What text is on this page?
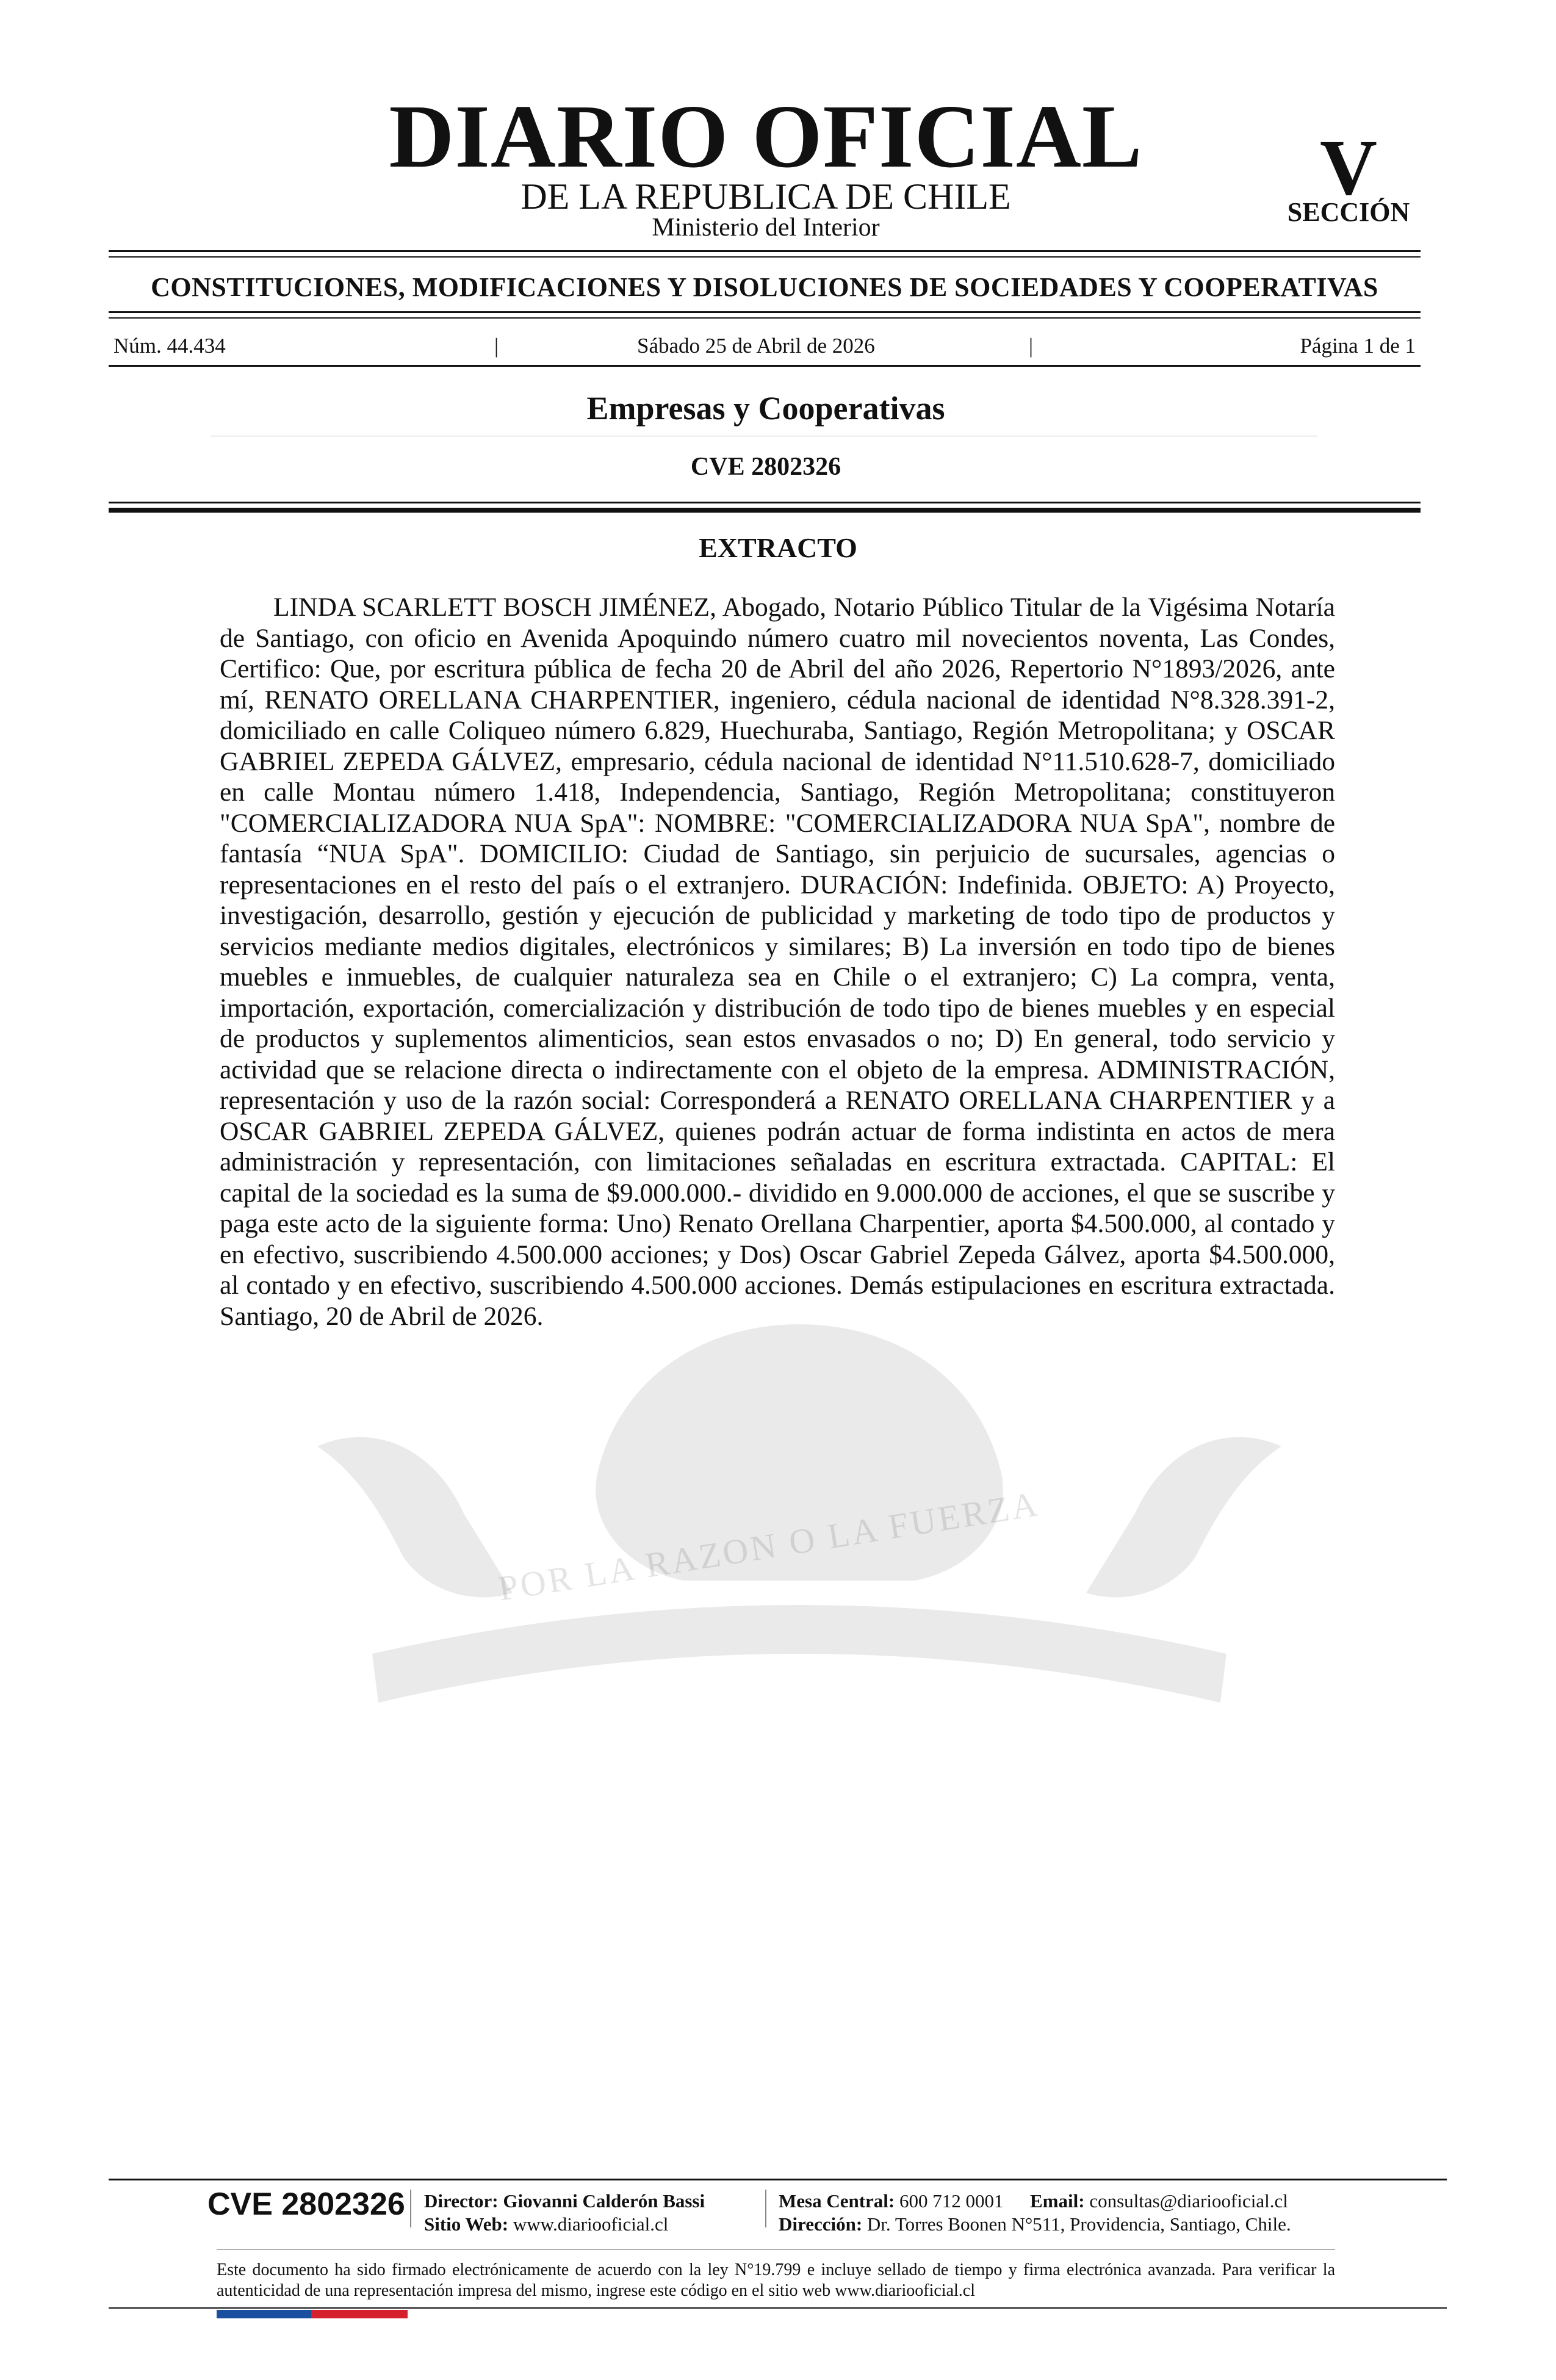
DIARIO OFICIAL
DE LA REPUBLICA DE CHILE
Ministerio del Interior
V
SECCIÓN
CONSTITUCIONES, MODIFICACIONES Y DISOLUCIONES DE SOCIEDADES Y COOPERATIVAS
Núm. 44.434	|	Sábado 25 de Abril de 2026	|	Página 1 de 1
Empresas y Cooperativas
CVE 2802326
POR LA RAZON O LA FUERZA
EXTRACTO

LINDA SCARLETT BOSCH JIMÉNEZ, Abogado, Notario Público Titular de la Vigésima Notaría de Santiago, con oficio en Avenida Apoquindo número cuatro mil novecientos noventa, Las Condes, Certifico: Que, por escritura pública de fecha 20 de Abril del año 2026, Repertorio N°1893/2026, ante mí, RENATO ORELLANA CHARPENTIER, ingeniero, cédula nacional de identidad N°8.328.391-2, domiciliado en calle Coliqueo número 6.829, Huechuraba, Santiago, Región Metropolitana; y OSCAR GABRIEL ZEPEDA GÁLVEZ, empresario, cédula nacional de identidad N°11.510.628-7, domiciliado en calle Montau número 1.418, Independencia, Santiago, Región Metropolitana; constituyeron "COMERCIALIZADORA NUA SpA": NOMBRE: "COMERCIALIZADORA NUA SpA", nombre de fantasía “NUA SpA". DOMICILIO: Ciudad de Santiago, sin perjuicio de sucursales, agencias o representaciones en el resto del país o el extranjero. DURACIÓN: Indefinida. OBJETO: A) Proyecto, investigación, desarrollo, gestión y ejecución de publicidad y marketing de todo tipo de productos y servicios mediante medios digitales, electrónicos y similares; B) La inversión en todo tipo de bienes muebles e inmuebles, de cualquier naturaleza sea en Chile o el extranjero; C) La compra, venta, importación, exportación, comercialización y distribución de todo tipo de bienes muebles y en especial de productos y suplementos alimenticios, sean estos envasados o no; D) En general, todo servicio y actividad que se relacione directa o indirectamente con el objeto de la empresa. ADMINISTRACIÓN, representación y uso de la razón social: Corresponderá a RENATO ORELLANA CHARPENTIER y a OSCAR GABRIEL ZEPEDA GÁLVEZ, quienes podrán actuar de forma indistinta en actos de mera administración y representación, con limitaciones señaladas en escritura extractada. CAPITAL: El capital de la sociedad es la suma de $9.000.000.- dividido en 9.000.000 de acciones, el que se suscribe y paga este acto de la siguiente forma: Uno) Renato Orellana Charpentier, aporta $4.500.000, al contado y en efectivo, suscribiendo 4.500.000 acciones; y Dos) Oscar Gabriel Zepeda Gálvez, aporta $4.500.000, al contado y en efectivo, suscribiendo 4.500.000 acciones. Demás estipulaciones en escritura extractada. Santiago, 20 de Abril de 2026.

CVE 2802326 Director: Giovanni Calderón Bassi
Sitio Web: www.diariooficial.cl
Mesa Central: 600 712 0001 Email: consultas@diariooficial.cl
Dirección: Dr. Torres Boonen N°511, Providencia, Santiago, Chile.

Este documento ha sido firmado electrónicamente de acuerdo con la ley N°19.799 e incluye sellado de tiempo y firma electrónica avanzada. Para verificar la autenticidad de una representación impresa del mismo, ingrese este código en el sitio web www.diariooficial.cl
